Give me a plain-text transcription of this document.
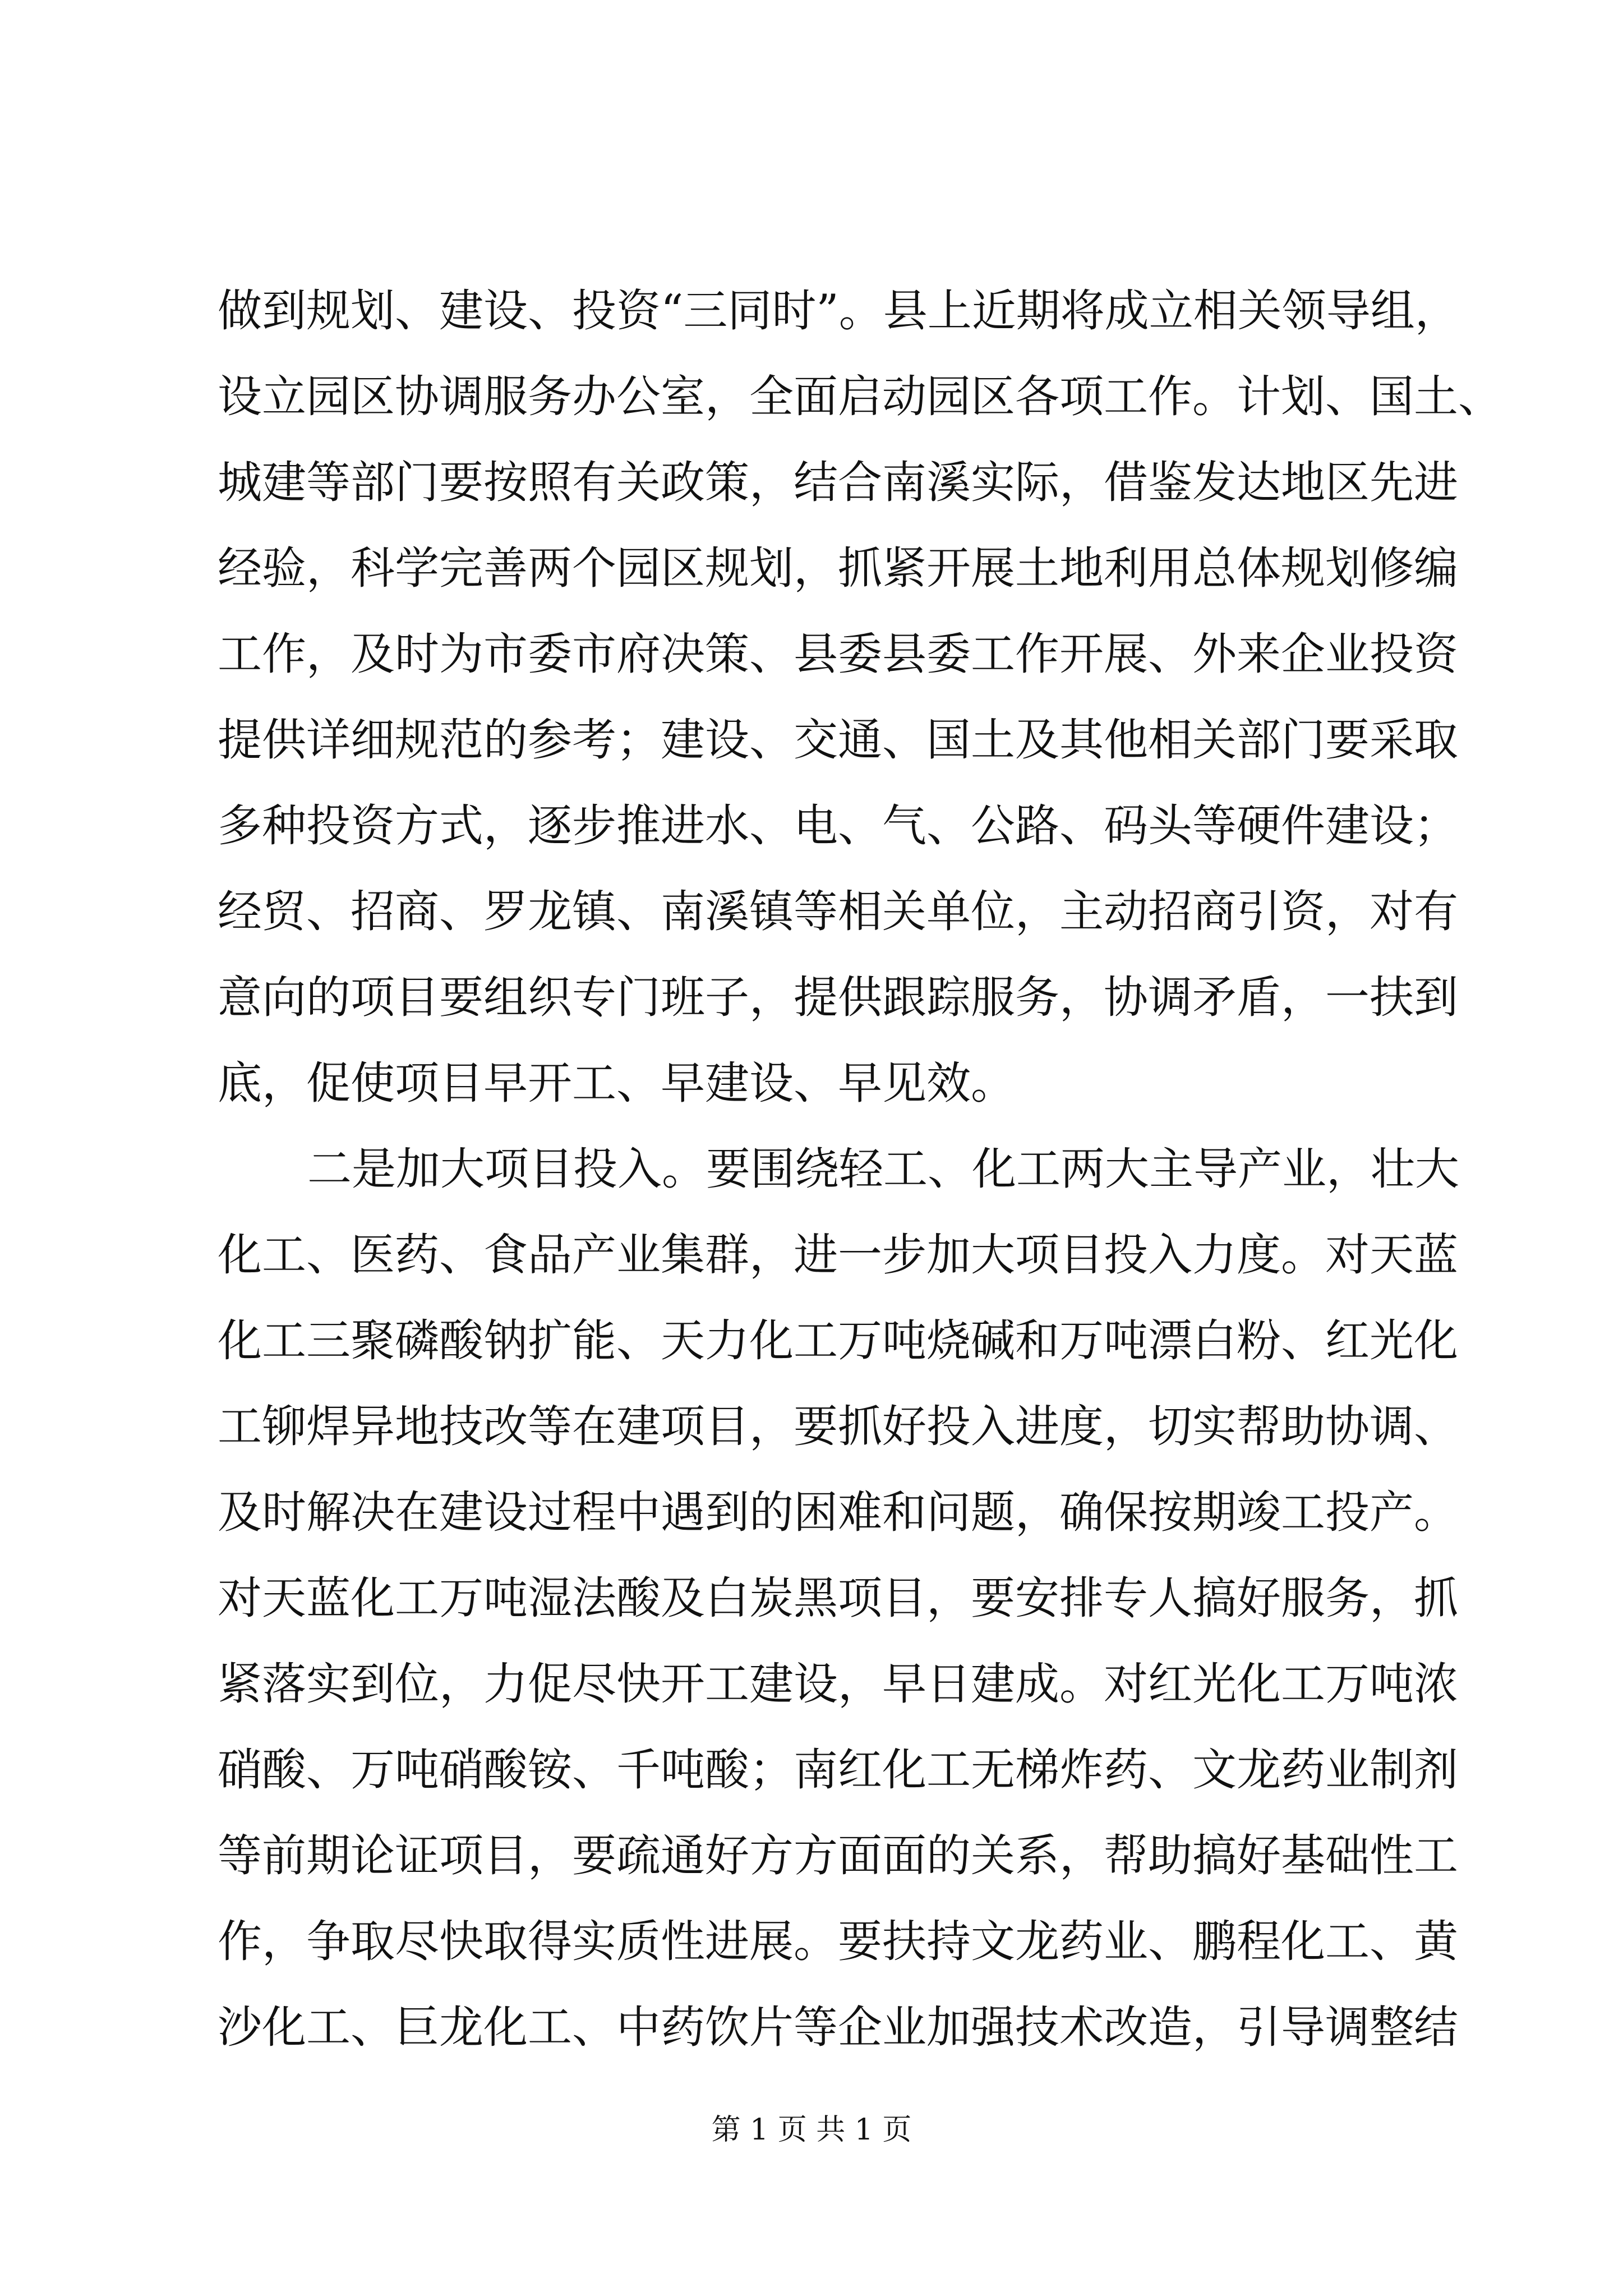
做到规划、建设、投资“三同时”。县上近期将成立相关领导组，
设立园区协调服务办公室，全面启动园区各项工作。计划、国土、
城建等部门要按照有关政策，结合南溪实际，借鉴发达地区先进
经验，科学完善两个园区规划，抓紧开展土地利用总体规划修编
工作，及时为市委市府决策、县委县委工作开展、外来企业投资
提供详细规范的参考；建设、交通、国土及其他相关部门要采取
多种投资方式，逐步推进水、电、气、公路、码头等硬件建设；
经贸、招商、罗龙镇、南溪镇等相关单位，主动招商引资，对有
意向的项目要组织专门班子，提供跟踪服务，协调矛盾，一扶到
底，促使项目早开工、早建设、早见效。
二是加大项目投入。要围绕轻工、化工两大主导产业，壮大
化工、医药、食品产业集群，进一步加大项目投入力度。对天蓝
化工三聚磷酸钠扩能、天力化工万吨烧碱和万吨漂白粉、红光化
工铆焊异地技改等在建项目，要抓好投入进度，切实帮助协调、
及时解决在建设过程中遇到的困难和问题，确保按期竣工投产。
对天蓝化工万吨湿法酸及白炭黑项目，要安排专人搞好服务，抓
紧落实到位，力促尽快开工建设，早日建成。对红光化工万吨浓
硝酸、万吨硝酸铵、千吨酸；南红化工无梯炸药、文龙药业制剂
等前期论证项目，要疏通好方方面面的关系，帮助搞好基础性工
作，争取尽快取得实质性进展。要扶持文龙药业、鹏程化工、黄
沙化工、巨龙化工、中药饮片等企业加强技术改造，引导调整结
第 1 页 共 1 页
